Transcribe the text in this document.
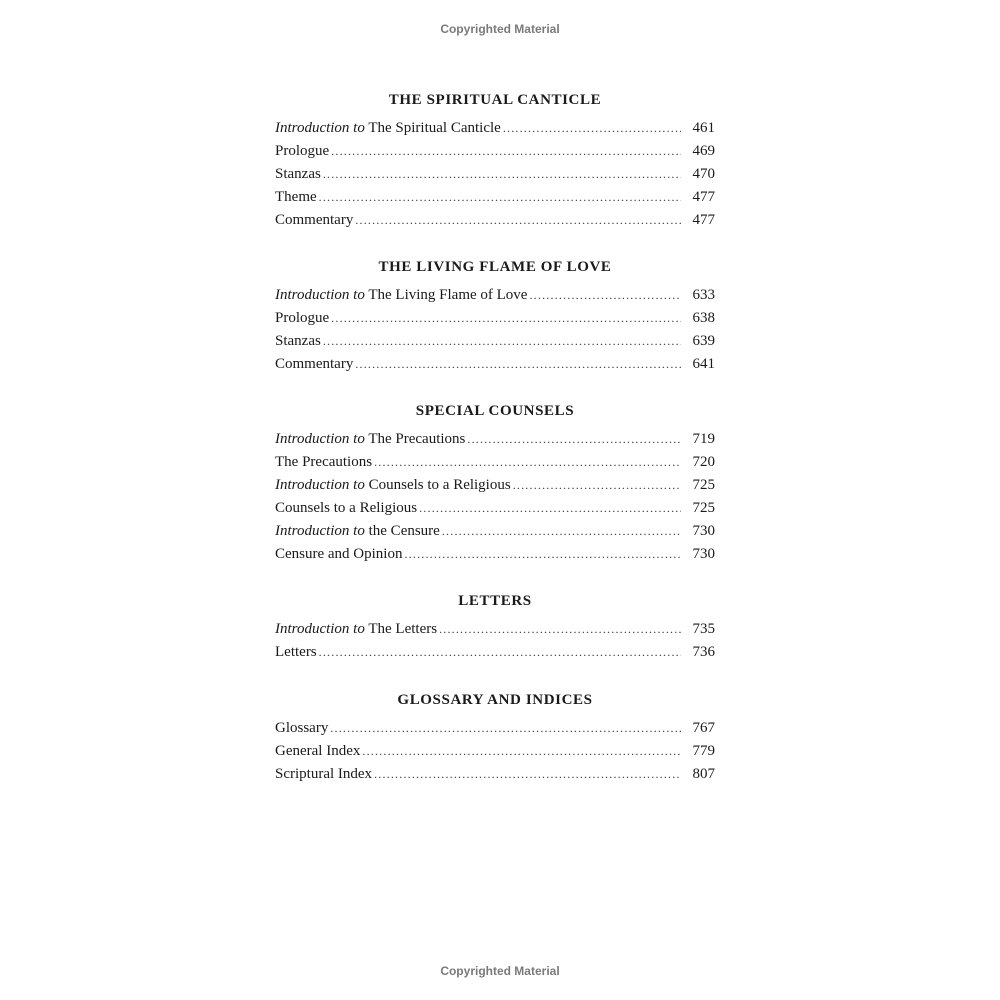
Copyrighted Material
THE SPIRITUAL CANTICLE
Introduction to The Spiritual Canticle .....	461
Prologue .....	469
Stanzas .....	470
Theme .....	477
Commentary .....	477
THE LIVING FLAME OF LOVE
Introduction to The Living Flame of Love .....	633
Prologue .....	638
Stanzas .....	639
Commentary .....	641
SPECIAL COUNSELS
Introduction to The Precautions .....	719
The Precautions .....	720
Introduction to Counsels to a Religious .....	725
Counsels to a Religious .....	725
Introduction to the Censure .....	730
Censure and Opinion .....	730
LETTERS
Introduction to The Letters .....	735
Letters .....	736
GLOSSARY AND INDICES
Glossary .....	767
General Index .....	779
Scriptural Index .....	807
Copyrighted Material
